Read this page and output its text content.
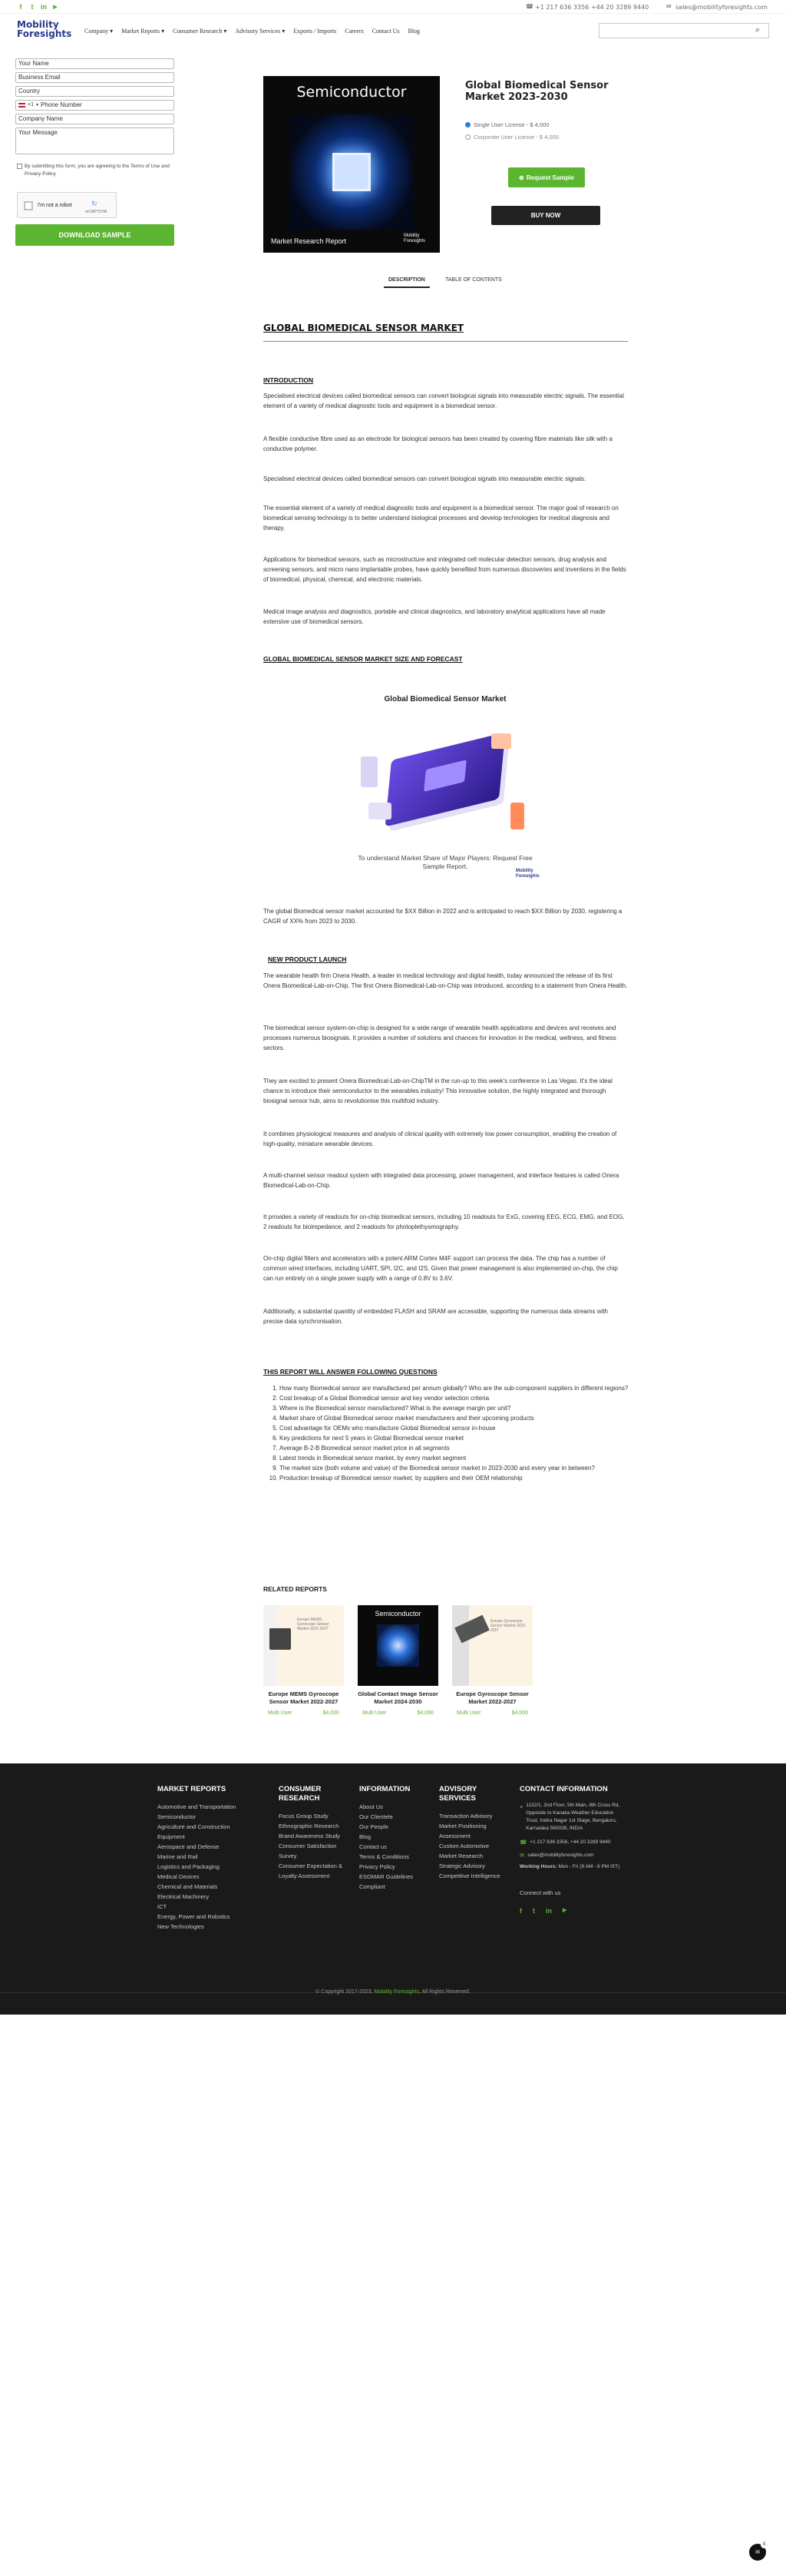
f	t	in	▶	☎ +1 217 636 3356 +44 20 3289 9440	✉ sales@mobilityforesights.com
Mobility
Foresights Company ▾ Market Reports ▾ Consumer Research ▾ Advisory Services ▾ Exports / Imports Careers Contact Us Blog	⌕
Your Name
Business Email
Country
+1 ▾ Phone Number
Company Name
Your Message
By submitting this form, you are agreeing to the Terms of Use and Privacy Policy.
I'm not a robot	↻
reCAPTCHA
DOWNLOAD SAMPLE
Semiconductor
Market Research Report
Mobility Foresights
Global Biomedical Sensor Market 2023-2030
Single User License - $ 4,000
Corporate User License - $ 4,000
⊕ Request Sample
BUY NOW
DESCRIPTION	TABLE OF CONTENTS
GLOBAL BIOMEDICAL SENSOR MARKET
INTRODUCTION
Specialised electrical devices called biomedical sensors can convert biological signals into measurable electric signals. The essential element of a variety of medical diagnostic tools and equipment is a biomedical sensor.
A flexible conductive fibre used as an electrode for biological sensors has been created by covering fibre materials like silk with a conductive polymer.
Specialised electrical devices called biomedical sensors can convert biological signals into measurable electric signals.
The essential element of a variety of medical diagnostic tools and equipment is a biomedical sensor. The major goal of research on biomedical sensing technology is to better understand biological processes and develop technologies for medical diagnosis and therapy.
Applications for biomedical sensors, such as microstructure and integrated cell molecular detection sensors, drug analysis and screening sensors, and micro nano implantable probes, have quickly benefited from numerous discoveries and inventions in the fields of biomedical, physical, chemical, and electronic materials.
Medical image analysis and diagnostics, portable and clinical diagnostics, and laboratory analytical applications have all made extensive use of biomedical sensors.
GLOBAL BIOMEDICAL SENSOR MARKET SIZE AND FORECAST
Global Biomedical Sensor Market
To understand Market Share of Major Players: Request Free Sample Report.
Mobility Foresights
The global Biomedical sensor market accounted for $XX Billion in 2022 and is anticipated to reach $XX Billion by 2030, registering a CAGR of XX% from 2023 to 2030.
NEW PRODUCT LAUNCH
The wearable health firm Onera Health, a leader in medical technology and digital health, today announced the release of its first Onera Biomedical-Lab-on-Chip. The first Onera Biomedical-Lab-on-Chip was introduced, according to a statement from Onera Health.
The biomedical sensor system-on-chip is designed for a wide range of wearable health applications and devices and receives and processes numerous biosignals. It provides a number of solutions and chances for innovation in the medical, wellness, and fitness sectors.
They are excited to present Onera Biomedical-Lab-on-ChipTM in the run-up to this week's conference in Las Vegas. It's the ideal chance to introduce their semiconductor to the wearables industry! This innovative solution, the highly integrated and thorough biosignal sensor hub, aims to revolutionise this multifold industry.
It combines physiological measures and analysis of clinical quality with extremely low power consumption, enabling the creation of high-quality, miniature wearable devices.
A multi-channel sensor readout system with integrated data processing, power management, and interface features is called Onera Biomedical-Lab-on-Chip.
It provides a variety of readouts for on-chip biomedical sensors, including 10 readouts for ExG, covering EEG, ECG, EMG, and EOG, 2 readouts for bioimpedance, and 2 readouts for photoplethysmography.
On-chip digital filters and accelerators with a potent ARM Cortex M4F support can process the data. The chip has a number of common wired interfaces, including UART, SPI, I2C, and I2S. Given that power management is also implemented on-chip, the chip can run entirely on a single power supply with a range of 0.8V to 3.6V.
Additionally, a substantial quantity of embedded FLASH and SRAM are accessible, supporting the numerous data streams with precise data synchronisation.
THIS REPORT WILL ANSWER FOLLOWING QUESTIONS
1. How many Biomedical sensor are manufactured per annum globally? Who are the sub-component suppliers in different regions?
2. Cost breakup of a Global Biomedical sensor and key vendor selection criteria
3. Where is the Biomedical sensor manufactured? What is the average margin per unit?
4. Market share of Global Biomedical sensor market manufacturers and their upcoming products
5. Cost advantage for OEMs who manufacture Global Biomedical sensor in-house
6. Key predictions for next 5 years in Global Biomedical sensor market
7. Average B-2-B Biomedical sensor market price in all segments
8. Latest trends in Biomedical sensor market, by every market segment
9. The market size (both volume and value) of the Biomedical sensor market in 2023-2030 and every year in between?
10. Production breakup of Biomedical sensor market, by suppliers and their OEM relationship
RELATED REPORTS
Europe MEMS Gyroscope Sensor Market 2022-2027
Europe MEMS Gyroscope Sensor Market 2022-2027
Multi User	$4,000
Semiconductor
Global Contact Image Sensor Market 2024-2030
Multi User	$4,000
Europe Gyroscope Sensor Market 2022-2027
Europe Gyroscope Sensor Market 2022-2027
Multi User	$4,000
MARKET REPORTS
Automotive and Transportation
Semiconductor
Agriculture and Construction Equipment
Aerospace and Defense
Marine and Rail
Logistics and Packaging
Medical Devices
Chemical and Materials
Electrical Machinery
ICT
Energy, Power and Robotics
New Technologies
CONSUMER RESEARCH
Focus Group Study
Ethnographic Research
Brand Awareness Study
Consumer Satisfaction Survey
Consumer Expectation & Loyalty Assessment
INFORMATION
About Us
Our Clientele
Our People
Blog
Contact us
Terms & Conditions
Privacy Policy
ESOMAR Guidelines Compliant
ADVISORY SERVICES
Transaction Advisory
Market Positioning Assessment
Custom Automotive Market Research
Strategic Advisory
Competitive Intelligence
CONTACT INFORMATION
⌖ 1132/1, 2nd Floor, 5th Main, 8th Cross Rd, Opposite to Kanaka Weather Education Trust, Indira Nagar 1st Stage, Bengaluru, Karnataka 560038, INDIA
☎ +1 217 636 3356, +44 20 3289 9440
✉ sales@mobilityforesights.com
Working Hours: Mon - Fri (9 AM - 6 PM IST)
Connect with us
f t in ▶
© Copyright 2017-2023, Mobility Foresights, All Rights Reserved.
✉
0
